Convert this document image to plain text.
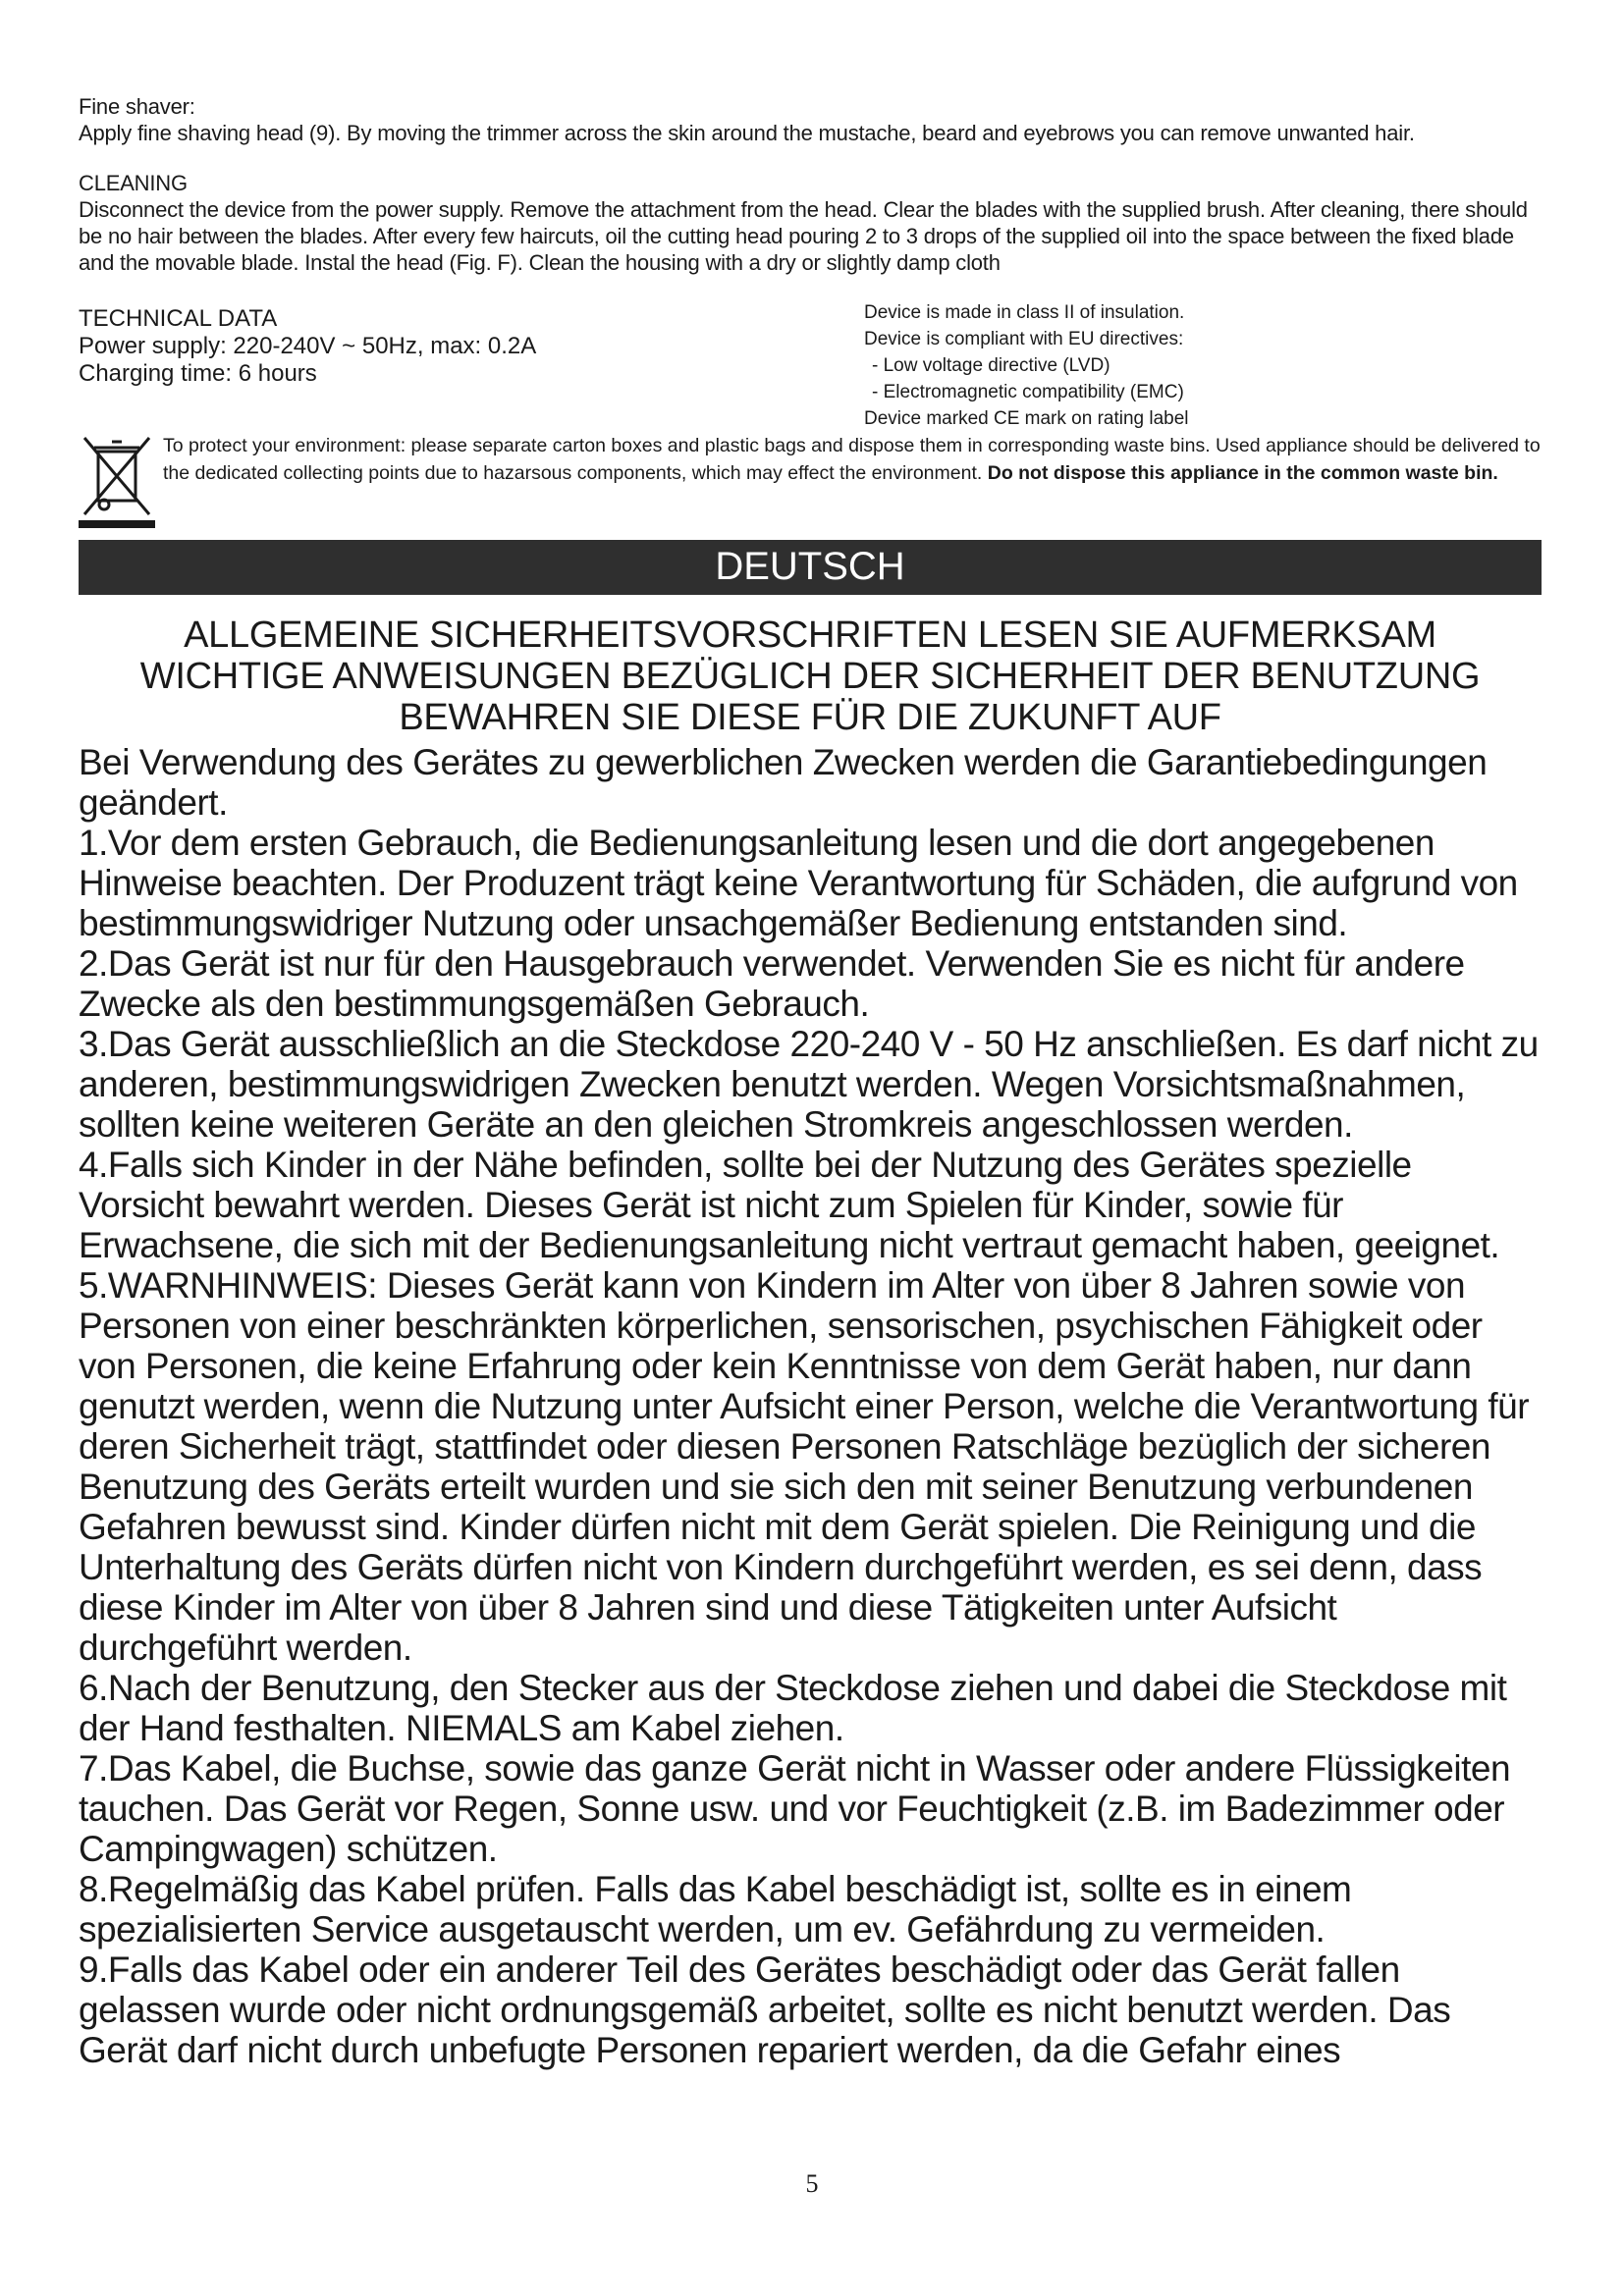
Fine shaver:

Apply fine shaving head (9). By moving the trimmer across the skin around the mustache, beard and eyebrows you can remove unwanted hair.

CLEANING

Disconnect the device from the power supply. Remove the attachment from the head. Clear the blades with the supplied brush. After cleaning, there should be no hair between the blades. After every few haircuts, oil the cutting head pouring 2 to 3 drops of the supplied oil into the space between the fixed blade and the movable blade. Instal the head (Fig. F). Clean the housing with a dry or slightly damp cloth

TECHNICAL DATA
Power supply: 220-240V ~ 50Hz, max: 0.2A
Charging time: 6 hours
Device is made in class II of insulation.
Device is compliant with EU directives:
- Low voltage directive (LVD)
- Electromagnetic compatibility (EMC)
Device marked CE mark on rating label
To protect your environment: please separate carton boxes and plastic bags and dispose them in corresponding waste bins. Used appliance should be delivered to the dedicated collecting points due to hazarsous components, which may effect the environment. Do not dispose this appliance in the common waste bin.
DEUTSCH
ALLGEMEINE SICHERHEITSVORSCHRIFTEN LESEN SIE AUFMERKSAM WICHTIGE ANWEISUNGEN BEZÜGLICH DER SICHERHEIT DER BENUTZUNG BEWAHREN SIE DIESE FÜR DIE ZUKUNFT AUF

Bei Verwendung des Gerätes zu gewerblichen Zwecken werden die Garantiebedingungen geändert.

1.Vor dem ersten Gebrauch, die Bedienungsanleitung lesen und die dort angegebenen Hinweise beachten. Der Produzent trägt keine Verantwortung für Schäden, die aufgrund von bestimmungswidriger Nutzung oder unsachgemäßer Bedienung entstanden sind.

2.Das Gerät ist nur für den Hausgebrauch verwendet. Verwenden Sie es nicht für andere Zwecke als den bestimmungsgemäßen Gebrauch.

3.Das Gerät ausschließlich an die Steckdose 220-240 V - 50 Hz anschließen. Es darf nicht zu anderen, bestimmungswidrigen Zwecken benutzt werden. Wegen Vorsichtsmaßnahmen, sollten keine weiteren Geräte an den gleichen Stromkreis angeschlossen werden.

4.Falls sich Kinder in der Nähe befinden, sollte bei der Nutzung des Gerätes spezielle Vorsicht bewahrt werden. Dieses Gerät ist nicht zum Spielen für Kinder, sowie für Erwachsene, die sich mit der Bedienungsanleitung nicht vertraut gemacht haben, geeignet.

5.WARNHINWEIS: Dieses Gerät kann von Kindern im Alter von über 8 Jahren sowie von Personen von einer beschränkten körperlichen, sensorischen, psychischen Fähigkeit oder von Personen, die keine Erfahrung oder kein Kenntnisse von dem Gerät haben, nur dann genutzt werden, wenn die Nutzung unter Aufsicht einer Person, welche die Verantwortung für deren Sicherheit trägt, stattfindet oder diesen Personen Ratschläge bezüglich der sicheren Benutzung des Geräts erteilt wurden und sie sich den mit seiner Benutzung verbundenen Gefahren bewusst sind. Kinder dürfen nicht mit dem Gerät spielen. Die Reinigung und die Unterhaltung des Geräts dürfen nicht von Kindern durchgeführt werden, es sei denn, dass diese Kinder im Alter von über 8 Jahren sind und diese Tätigkeiten unter Aufsicht durchgeführt werden.

6.Nach der Benutzung, den Stecker aus der Steckdose ziehen und dabei die Steckdose mit der Hand festhalten. NIEMALS am Kabel ziehen.

7.Das Kabel, die Buchse, sowie das ganze Gerät nicht in Wasser oder andere Flüssigkeiten tauchen. Das Gerät vor Regen, Sonne usw. und vor Feuchtigkeit (z.B. im Badezimmer oder Campingwagen) schützen.

8.Regelmäßig das Kabel prüfen. Falls das Kabel beschädigt ist, sollte es in einem spezialisierten Service ausgetauscht werden, um ev. Gefährdung zu vermeiden.

9.Falls das Kabel oder ein anderer Teil des Gerätes beschädigt oder das Gerät fallen gelassen wurde oder nicht ordnungsgemäß arbeitet, sollte es nicht benutzt werden. Das Gerät darf nicht durch unbefugte Personen repariert werden, da die Gefahr eines

5
